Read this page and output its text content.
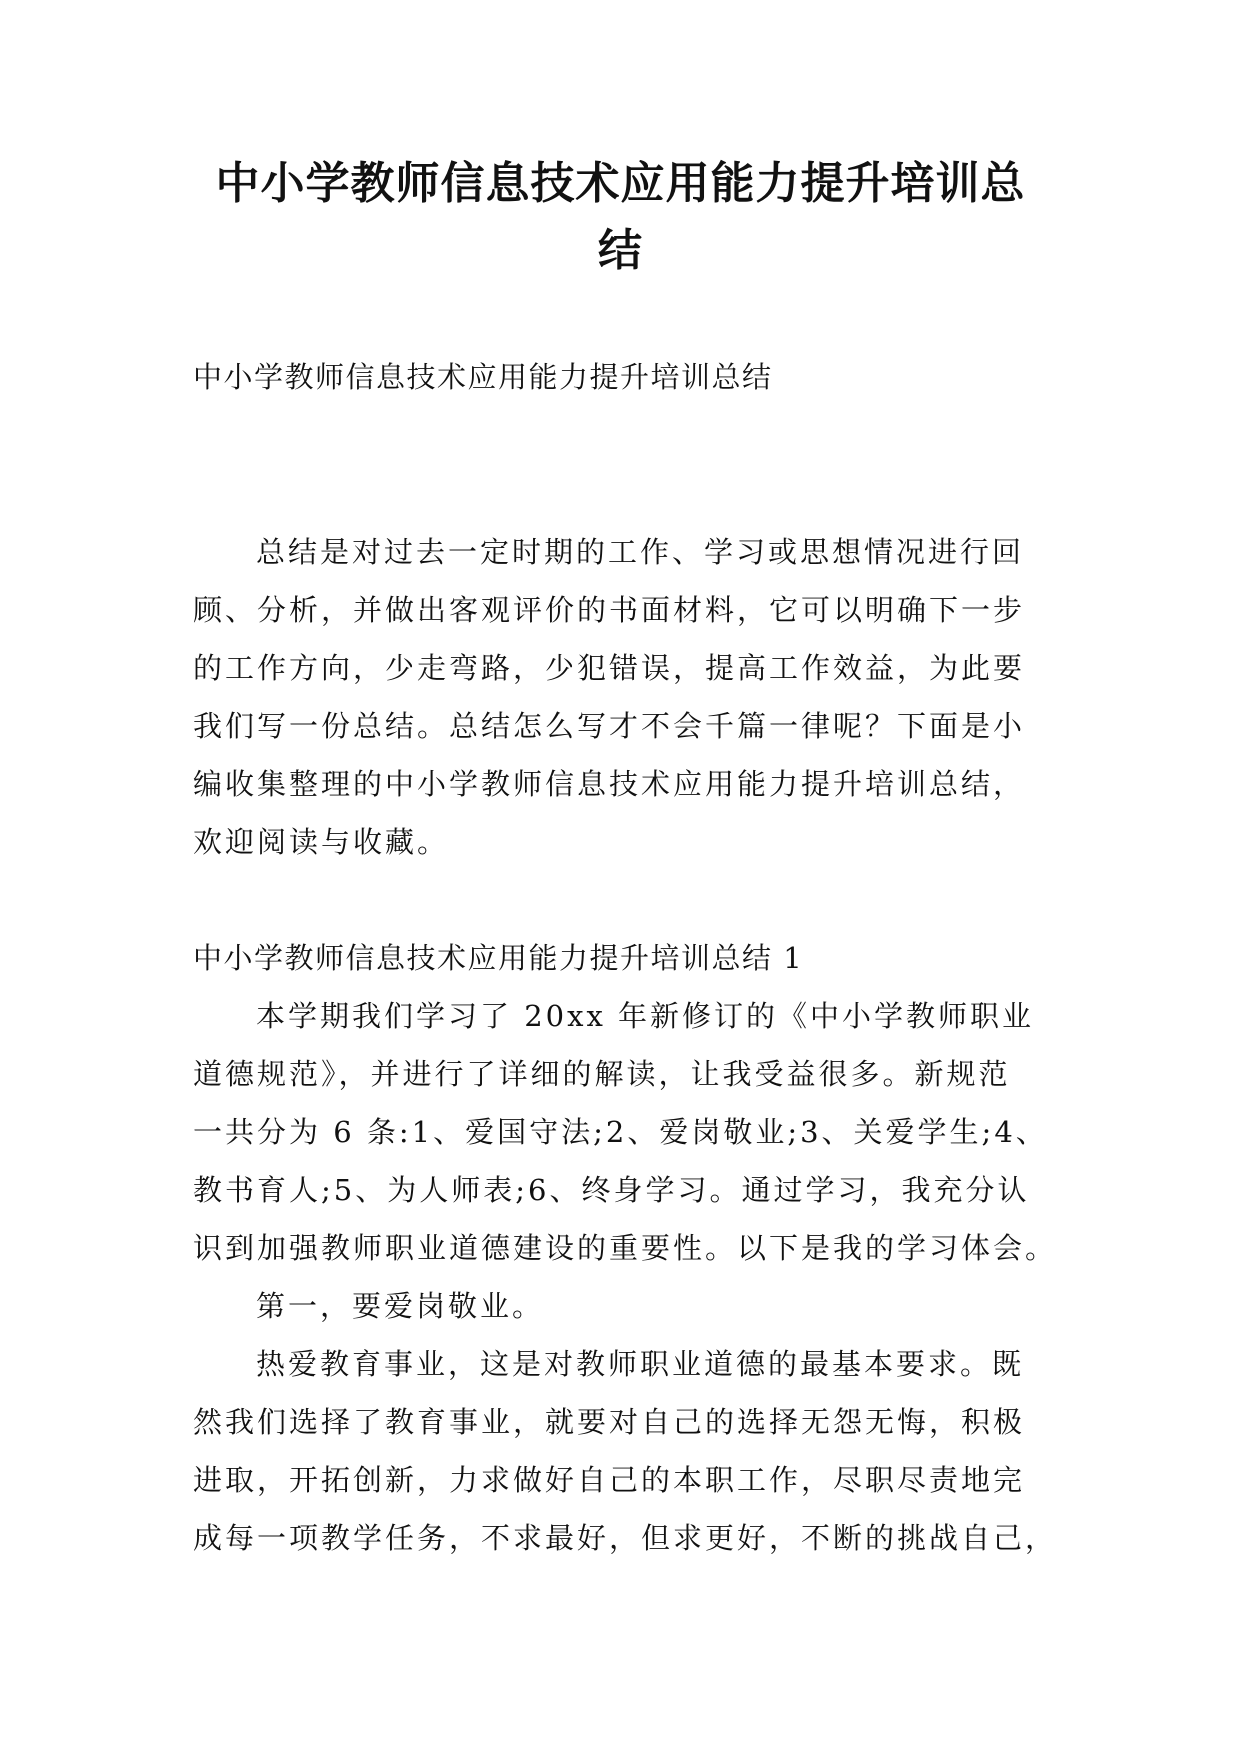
中小学教师信息技术应用能力提升培训总
结
中小学教师信息技术应用能力提升培训总结
总结是对过去一定时期的工作、学习或思想情况进行回
顾、分析，并做出客观评价的书面材料，它可以明确下一步
的工作方向，少走弯路，少犯错误，提高工作效益，为此要
我们写一份总结。总结怎么写才不会千篇一律呢？下面是小
编收集整理的中小学教师信息技术应用能力提升培训总结，
欢迎阅读与收藏。
中小学教师信息技术应用能力提升培训总结 1
本学期我们学习了 20xx 年新修订的《中小学教师职业
道德规范》，并进行了详细的解读，让我受益很多。新规范
一共分为 6 条:1、爱国守法;2、爱岗敬业;3、关爱学生;4、
教书育人;5、为人师表;6、终身学习。通过学习，我充分认
识到加强教师职业道德建设的重要性。以下是我的学习体会。
第一，要爱岗敬业。
热爱教育事业，这是对教师职业道德的最基本要求。既
然我们选择了教育事业，就要对自己的选择无怨无悔，积极
进取，开拓创新，力求做好自己的本职工作，尽职尽责地完
成每一项教学任务，不求最好，但求更好，不断的挑战自己，
